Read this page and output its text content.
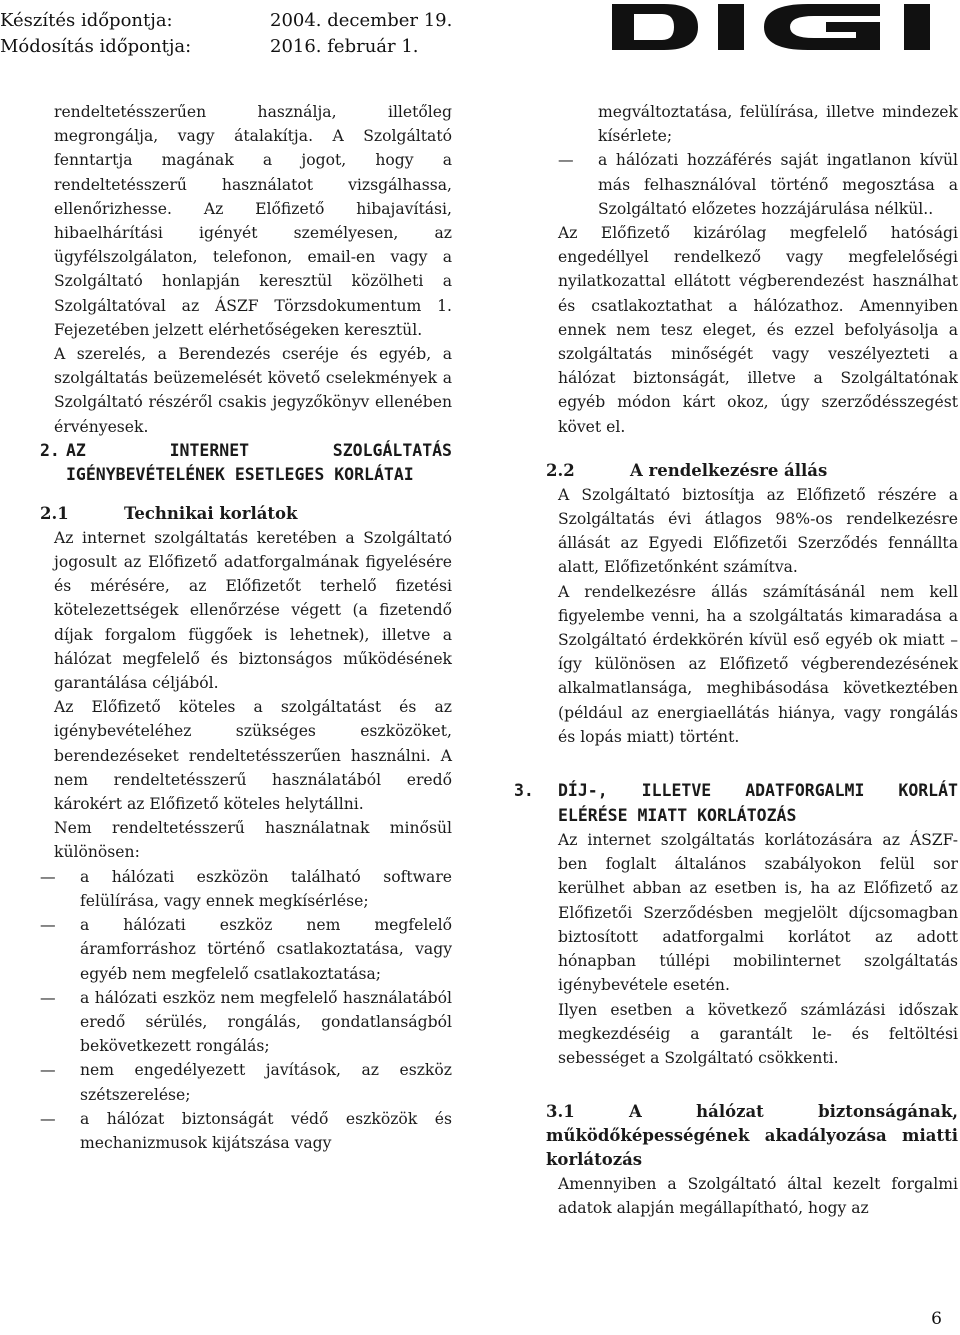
Készítés időpontja:	2004. december 19.
Módosítás időpontja:	2016. február 1.

rendeltetésszerűen használja, illetőleg megrongálja, vagy átalakítja. A Szolgáltató fenntartja magának a jogot, hogy a rendeltetésszerű használatot vizsgálhassa, ellenőrizhesse. Az Előfizető hibajavítási, hibaelhárítási igényét személyesen, az ügyfélszolgálaton, telefonon, email-en vagy a Szolgáltató honlapján keresztül közölheti a Szolgáltatóval az ÁSZF Törzsdokumentum 1. Fejezetében jelzett elérhetőségeken keresztül.

A szerelés, a Berendezés cseréje és egyéb, a szolgáltatás beüzemelését követő cselekmények a Szolgáltató részéről csakis jegyzőkönyv ellenében érvényesek.

2. AZ INTERNET SZOLGÁLTATÁS IGÉNYBEVÉTELÉNEK ESETLEGES KORLÁTAI
2.1	Technikai korlátok

Az internet szolgáltatás keretében a Szolgáltató jogosult az Előfizető adatforgalmának figyelésére és mérésére, az Előfizetőt terhelő fizetési kötelezettségek ellenőrzése végett (a fizetendő díjak forgalom függőek is lehetnek), illetve a hálózat megfelelő és biztonságos működésének garantálása céljából.

Az Előfizető köteles a szolgáltatást és az igénybevételéhez szükséges eszközöket, berendezéseket rendeltetésszerűen használni. A nem rendeltetésszerű használatából eredő károkért az Előfizető köteles helytállni.

Nem rendeltetésszerű használatnak minősül különösen:

— a hálózati eszközön található software felülírása, vagy ennek megkísérlése;

— a hálózati eszköz nem megfelelő áramforráshoz történő csatlakoztatása, vagy egyéb nem megfelelő csatlakoztatása;

— a hálózati eszköz nem megfelelő használatából eredő sérülés, rongálás, gondatlanságból bekövetkezett rongálás;

— nem engedélyezett javítások, az eszköz szétszerelése;

— a hálózat biztonságát védő eszközök és mechanizmusok kijátszása vagy

megváltoztatása, felülírása, illetve mindezek kísérlete;

— a hálózati hozzáférés saját ingatlanon kívül más felhasználóval történő megosztása a Szolgáltató előzetes hozzájárulása nélkül..

Az Előfizető kizárólag megfelelő hatósági engedéllyel rendelkező vagy megfelelőségi nyilatkozattal ellátott végberendezést használhat és csatlakoztathat a hálózathoz. Amennyiben ennek nem tesz eleget, és ezzel befolyásolja a szolgáltatás minőségét vagy veszélyezteti a hálózat biztonságát, illetve a Szolgáltatónak egyéb módon kárt okoz, úgy szerződésszegést követ el.

2.2	A rendelkezésre állás

A Szolgáltató biztosítja az Előfizető részére a Szolgáltatás évi átlagos 98%-os rendelkezésre állását az Egyedi Előfizetői Szerződés fennállta alatt, Előfizetőnként számítva.

A rendelkezésre állás számításánál nem kell figyelembe venni, ha a szolgáltatás kimaradása a Szolgáltató érdekkörén kívül eső egyéb ok miatt – így különösen az Előfizető végberendezésének alkalmatlansága, meghibásodása következtében (például az energiaellátás hiánya, vagy rongálás és lopás miatt) történt.

3. DÍJ-, ILLETVE ADATFORGALMI KORLÁT ELÉRÉSE MIATT KORLÁTOZÁS

Az internet szolgáltatás korlátozására az ÁSZF-ben foglalt általános szabályokon felül sor kerülhet abban az esetben is, ha az Előfizető az Előfizetői Szerződésben megjelölt díjcsomagban biztosított adatforgalmi korlátot az adott hónapban túllépi mobilinternet szolgáltatás igénybevétele esetén.

Ilyen esetben a következő számlázási időszak megkezdéséig a garantált le- és feltöltési sebességet a Szolgáltató csökkenti.

3.1 A hálózat biztonságának, működőképességének akadályozása miatti korlátozás

Amennyiben a Szolgáltató által kezelt forgalmi adatok alapján megállapítható, hogy az

6
